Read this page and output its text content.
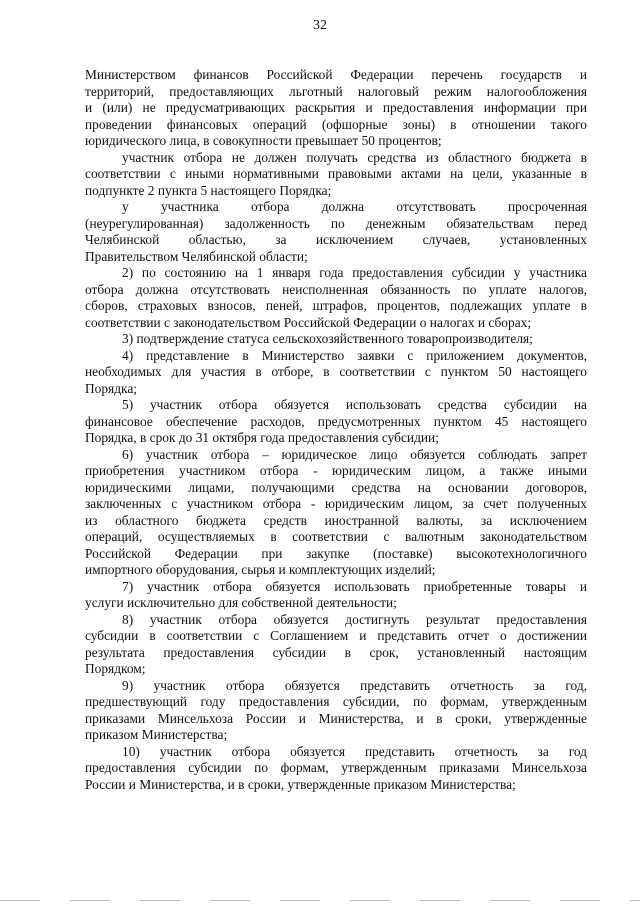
32
Министерством финансов Российской Федерации перечень государств и
территорий, предоставляющих льготный налоговый режим налогообложения
и (или) не предусматривающих раскрытия и предоставления информации при
проведении финансовых операций (офшорные зоны) в отношении такого
юридического лица, в совокупности превышает 50 процентов;
участник отбора не должен получать средства из областного бюджета в
соответствии с иными нормативными правовыми актами на цели, указанные в
подпункте 2 пункта 5 настоящего Порядка;
у участника отбора должна отсутствовать просроченная
(неурегулированная) задолженность по денежным обязательствам перед
Челябинской областью, за исключением случаев, установленных
Правительством Челябинской области;
2) по состоянию на 1 января года предоставления субсидии у участника
отбора должна отсутствовать неисполненная обязанность по уплате налогов,
сборов, страховых взносов, пеней, штрафов, процентов, подлежащих уплате в
соответствии с законодательством Российской Федерации о налогах и сборах;
3) подтверждение статуса сельскохозяйственного товаропроизводителя;
4) представление в Министерство заявки с приложением документов,
необходимых для участия в отборе, в соответствии с пунктом 50 настоящего
Порядка;
5) участник отбора обязуется использовать средства субсидии на
финансовое обеспечение расходов, предусмотренных пунктом 45 настоящего
Порядка, в срок до 31 октября года предоставления субсидии;
6) участник отбора – юридическое лицо обязуется соблюдать запрет
приобретения участником отбора - юридическим лицом, а также иными
юридическими лицами, получающими средства на основании договоров,
заключенных с участником отбора - юридическим лицом, за счет полученных
из областного бюджета средств иностранной валюты, за исключением
операций, осуществляемых в соответствии с валютным законодательством
Российской Федерации при закупке (поставке) высокотехнологичного
импортного оборудования, сырья и комплектующих изделий;
7) участник отбора обязуется использовать приобретенные товары и
услуги исключительно для собственной деятельности;
8) участник отбора обязуется достигнуть результат предоставления
субсидии в соответствии с Соглашением и представить отчет о достижении
результата предоставления субсидии в срок, установленный настоящим
Порядком;
9) участник отбора обязуется представить отчетность за год,
предшествующий году предоставления субсидии, по формам, утвержденным
приказами Минсельхоза России и Министерства, и в сроки, утвержденные
приказом Министерства;
10) участник отбора обязуется представить отчетность за год
предоставления субсидии по формам, утвержденным приказами Минсельхоза
России и Министерства, и в сроки, утвержденные приказом Министерства;
